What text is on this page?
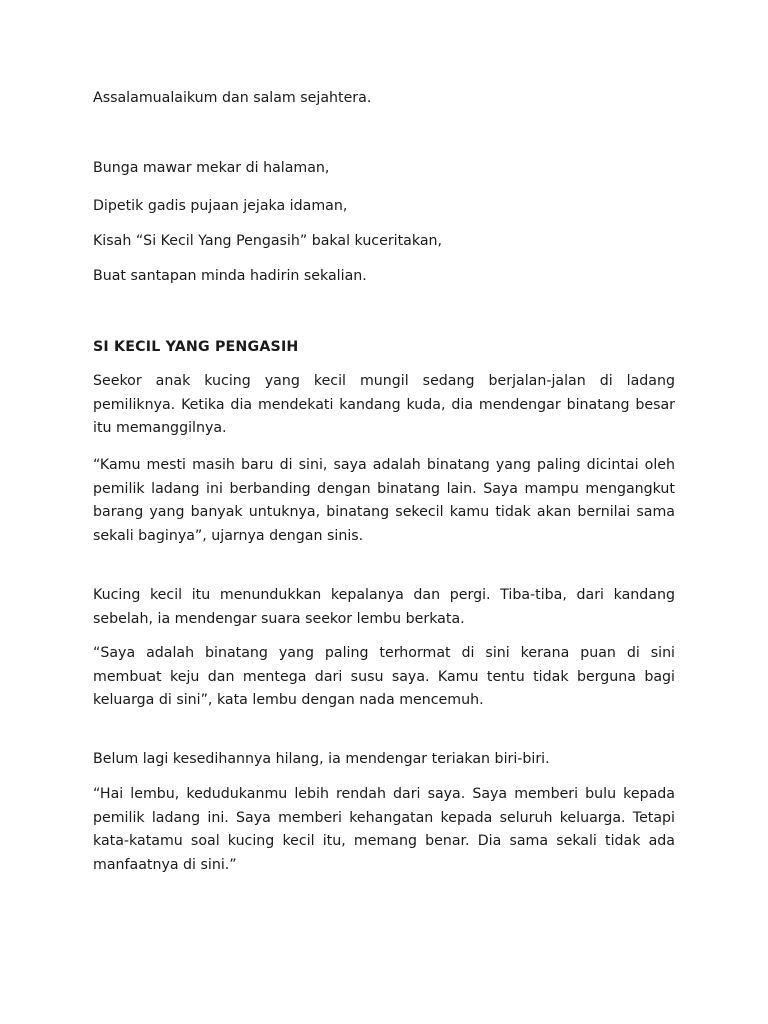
Assalamualaikum dan salam sejahtera.

Bunga mawar mekar di halaman,

Dipetik gadis pujaan jejaka idaman,

Kisah “Si Kecil Yang Pengasih” bakal kuceritakan,

Buat santapan minda hadirin sekalian.

SI KECIL YANG PENGASIH

Seekor anak kucing yang kecil mungil sedang berjalan-jalan di ladang pemiliknya. Ketika dia mendekati kandang kuda, dia mendengar binatang besar itu memanggilnya.

“Kamu mesti masih baru di sini, saya adalah binatang yang paling dicintai oleh pemilik ladang ini berbanding dengan binatang lain. Saya mampu mengangkut barang yang banyak untuknya, binatang sekecil kamu tidak akan bernilai sama sekali baginya”, ujarnya dengan sinis.

Kucing kecil itu menundukkan kepalanya dan pergi. Tiba-tiba, dari kandang sebelah, ia mendengar suara seekor lembu berkata.

“Saya adalah binatang yang paling terhormat di sini kerana puan di sini membuat keju dan mentega dari susu saya. Kamu tentu tidak berguna bagi keluarga di sini”, kata lembu dengan nada mencemuh.

Belum lagi kesedihannya hilang, ia mendengar teriakan biri-biri.

“Hai lembu, kedudukanmu lebih rendah dari saya. Saya memberi bulu kepada pemilik ladang ini. Saya memberi kehangatan kepada seluruh keluarga. Tetapi kata-katamu soal kucing kecil itu, memang benar. Dia sama sekali tidak ada manfaatnya di sini.”
